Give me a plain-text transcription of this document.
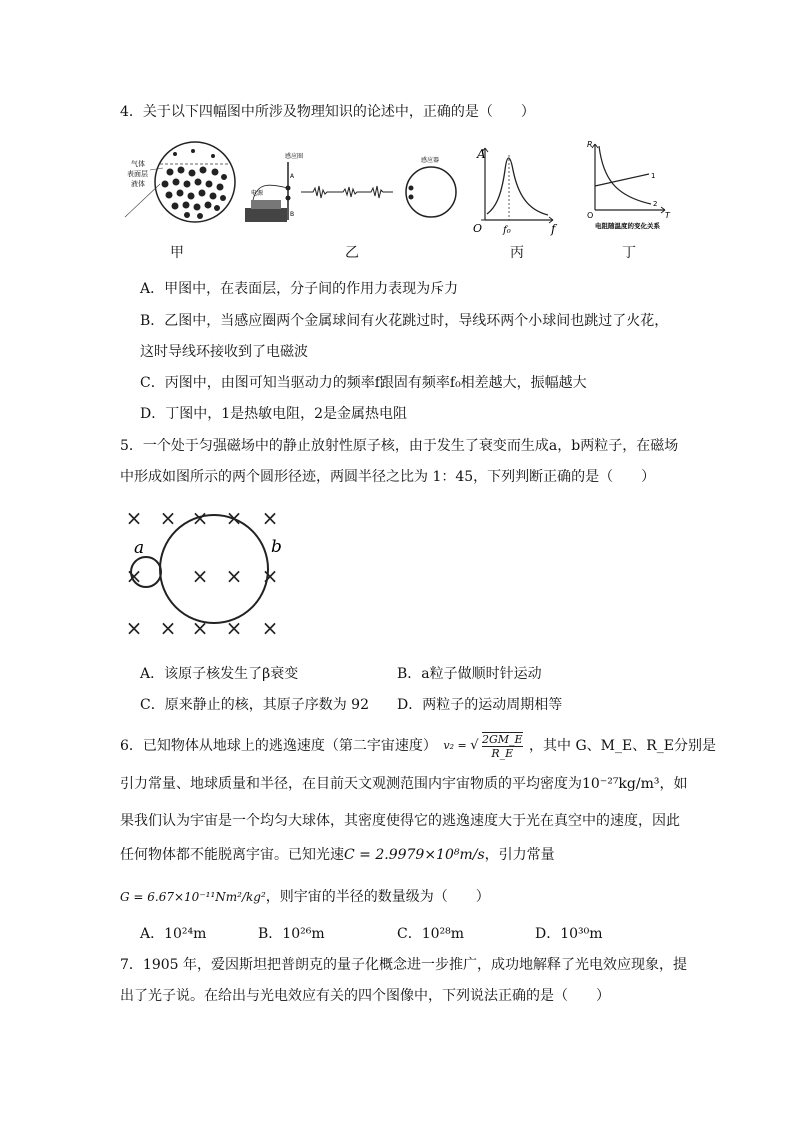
4．关于以下四幅图中所涉及物理知识的论述中，正确的是（　　）
气体
表面层
液体
感应圈
电源
A
B
感应器	A
f
O f₀
R
T
O
1
2
电阻随温度的变化关系
甲	乙	丙	丁
A．甲图中，在表面层，分子间的作用力表现为斥力
B．乙图中，当感应圈两个金属球间有火花跳过时，导线环两个小球间也跳过了火花，
这时导线环接收到了电磁波
C．丙图中，由图可知当驱动力的频率f跟固有频率f₀相差越大，振幅越大
D．丁图中，1是热敏电阻，2是金属热电阻
5．一个处于匀强磁场中的静止放射性原子核，由于发生了衰变而生成a，b两粒子，在磁场
中形成如图所示的两个圆形径迹，两圆半径之比为 1：45，下列判断正确的是（　　）
× × × × ×
× × × ×
× × × × ×
a	b
A．该原子核发生了β衰变	B．a粒子做顺时针运动
C．原来静止的核，其原子序数为 92 D．两粒子的运动周期相等
6．已知物体从地球上的逃逸速度（第二宇宙速度） v₂ = √ $\frac{2GM\_E}{R\_E}$ ，其中 G、M_E、R_E分别是
引力常量、地球质量和半径，在目前天文观测范围内宇宙物质的平均密度为10⁻²⁷kg/m³，如
果我们认为宇宙是一个均匀大球体，其密度使得它的逃逸速度大于光在真空中的速度，因此
任何物体都不能脱离宇宙。已知光速C = 2.9979×10⁸m/s，引力常量
G = 6.67×10⁻¹¹Nm²/kg²，则宇宙的半径的数量级为（　　）
A．10²⁴m	B．10²⁶m	C．10²⁸m	D．10³⁰m
7．1905 年，爱因斯坦把普朗克的量子化概念进一步推广，成功地解释了光电效应现象，提
出了光子说。在给出与光电效应有关的四个图像中，下列说法正确的是（　　）
